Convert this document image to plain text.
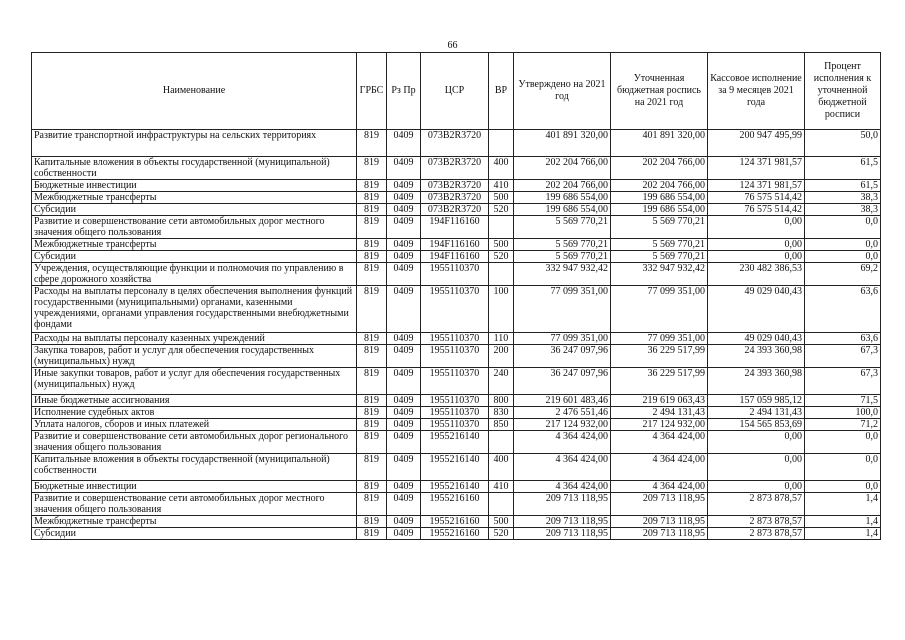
66
Наименование	ГРБС	Рз Пр	ЦСР	ВР	Утверждено на 2021 год	Уточненная бюджетная роспись на 2021 год	Кассовое исполнение за 9 месяцев 2021 года	Процент исполнения к уточненной бюджетной росписи
Развитие транспортной инфраструктуры на сельских территориях	819	0409	073B2R3720		401 891 320,00	401 891 320,00	200 947 495,99	50,0
Капитальные вложения в объекты государственной (муниципальной) собственности	819	0409	073B2R3720	400	202 204 766,00	202 204 766,00	124 371 981,57	61,5
Бюджетные инвестиции	819	0409	073B2R3720	410	202 204 766,00	202 204 766,00	124 371 981,57	61,5
Межбюджетные трансферты	819	0409	073B2R3720	500	199 686 554,00	199 686 554,00	76 575 514,42	38,3
Субсидии	819	0409	073B2R3720	520	199 686 554,00	199 686 554,00	76 575 514,42	38,3
Развитие и совершенствование сети автомобильных дорог местного значения общего пользования	819	0409	194F116160		5 569 770,21	5 569 770,21	0,00	0,0
Межбюджетные трансферты	819	0409	194F116160	500	5 569 770,21	5 569 770,21	0,00	0,0
Субсидии	819	0409	194F116160	520	5 569 770,21	5 569 770,21	0,00	0,0
Учреждения, осуществляющие функции и полномочия по управлению в сфере дорожного хозяйства	819	0409	1955110370		332 947 932,42	332 947 932,42	230 482 386,53	69,2
Расходы на выплаты персоналу в целях обеспечения выполнения функций государственными (муниципальными) органами, казенными учреждениями, органами управления государственными внебюджетными фондами	819	0409	1955110370	100	77 099 351,00	77 099 351,00	49 029 040,43	63,6
Расходы на выплаты персоналу казенных учреждений	819	0409	1955110370	110	77 099 351,00	77 099 351,00	49 029 040,43	63,6
Закупка товаров, работ и услуг для обеспечения государственных (муниципальных) нужд	819	0409	1955110370	200	36 247 097,96	36 229 517,99	24 393 360,98	67,3
Иные закупки товаров, работ и услуг для обеспечения государственных (муниципальных) нужд	819	0409	1955110370	240	36 247 097,96	36 229 517,99	24 393 360,98	67,3
Иные бюджетные ассигнования	819	0409	1955110370	800	219 601 483,46	219 619 063,43	157 059 985,12	71,5
Исполнение судебных актов	819	0409	1955110370	830	2 476 551,46	2 494 131,43	2 494 131,43	100,0
Уплата налогов, сборов и иных платежей	819	0409	1955110370	850	217 124 932,00	217 124 932,00	154 565 853,69	71,2
Развитие и совершенствование сети автомобильных дорог регионального значения общего пользования	819	0409	1955216140		4 364 424,00	4 364 424,00	0,00	0,0
Капитальные вложения в объекты государственной (муниципальной) собственности	819	0409	1955216140	400	4 364 424,00	4 364 424,00	0,00	0,0
Бюджетные инвестиции	819	0409	1955216140	410	4 364 424,00	4 364 424,00	0,00	0,0
Развитие и совершенствование сети автомобильных дорог местного значения общего пользования	819	0409	1955216160		209 713 118,95	209 713 118,95	2 873 878,57	1,4
Межбюджетные трансферты	819	0409	1955216160	500	209 713 118,95	209 713 118,95	2 873 878,57	1,4
Субсидии	819	0409	1955216160	520	209 713 118,95	209 713 118,95	2 873 878,57	1,4
